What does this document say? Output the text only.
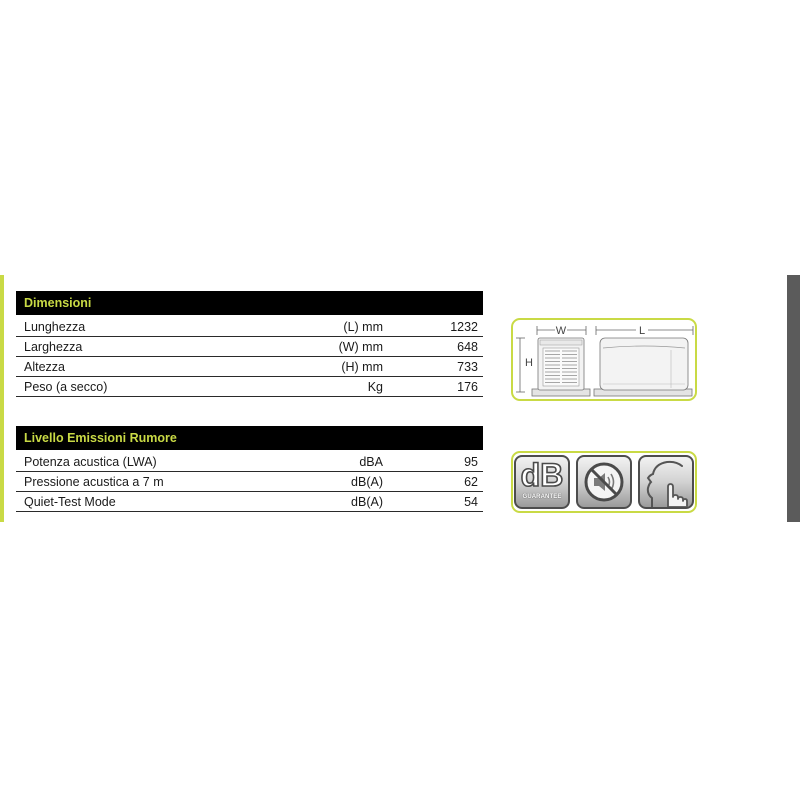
Dimensioni
Lunghezza	(L) mm	1232
Larghezza	(W) mm	648
Altezza	(H) mm	733
Peso (a secco)	Kg	176
Livello Emissioni Rumore
Potenza acustica (LWA)	dBA	95
Pressione acustica a 7 m	dB(A)	62
Quiet-Test Mode	dB(A)	54
W	L
H
dB
GUARANTEE
